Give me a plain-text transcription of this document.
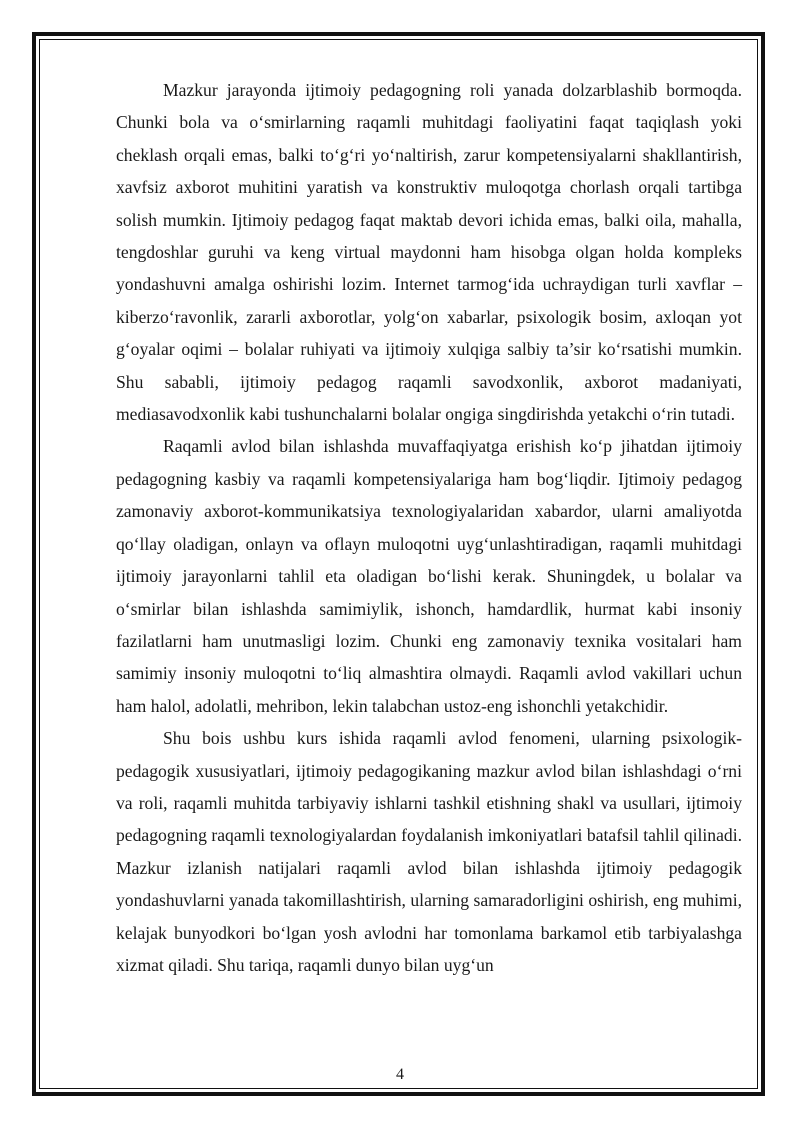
Mazkur jarayonda ijtimoiy pedagogning roli yanada dolzarblashib bormoqda. Chunki bola va o‘smirlarning raqamli muhitdagi faoliyatini faqat taqiqlash yoki cheklash orqali emas, balki to‘g‘ri yo‘naltirish, zarur kompetensiyalarni shakllantirish, xavfsiz axborot muhitini yaratish va konstruktiv muloqotga chorlash orqali tartibga solish mumkin. Ijtimoiy pedagog faqat maktab devori ichida emas, balki oila, mahalla, tengdoshlar guruhi va keng virtual maydonni ham hisobga olgan holda kompleks yondashuvni amalga oshirishi lozim. Internet tarmog‘ida uchraydigan turli xavflar – kiberzo‘ravonlik, zararli axborotlar, yolg‘on xabarlar, psixologik bosim, axloqan yot g‘oyalar oqimi – bolalar ruhiyati va ijtimoiy xulqiga salbiy ta’sir ko‘rsatishi mumkin. Shu sababli, ijtimoiy pedagog raqamli savodxonlik, axborot madaniyati, mediasavodxonlik kabi tushunchalarni bolalar ongiga singdirishda yetakchi o‘rin tutadi.

Raqamli avlod bilan ishlashda muvaffaqiyatga erishish ko‘p jihatdan ijtimoiy pedagogning kasbiy va raqamli kompetensiyalariga ham bog‘liqdir. Ijtimoiy pedagog zamonaviy axborot-kommunikatsiya texnologiyalaridan xabardor, ularni amaliyotda qo‘llay oladigan, onlayn va oflayn muloqotni uyg‘unlashtiradigan, raqamli muhitdagi ijtimoiy jarayonlarni tahlil eta oladigan bo‘lishi kerak. Shuningdek, u bolalar va o‘smirlar bilan ishlashda samimiylik, ishonch, hamdardlik, hurmat kabi insoniy fazilatlarni ham unutmasligi lozim. Chunki eng zamonaviy texnika vositalari ham samimiy insoniy muloqotni to‘liq almashtira olmaydi. Raqamli avlod vakillari uchun ham halol, adolatli, mehribon, lekin talabchan ustoz-eng ishonchli yetakchidir.

Shu bois ushbu kurs ishida raqamli avlod fenomeni, ularning psixologik-pedagogik xususiyatlari, ijtimoiy pedagogikaning mazkur avlod bilan ishlashdagi o‘rni va roli, raqamli muhitda tarbiyaviy ishlarni tashkil etishning shakl va usullari, ijtimoiy pedagogning raqamli texnologiyalardan foydalanish imkoniyatlari batafsil tahlil qilinadi. Mazkur izlanish natijalari raqamli avlod bilan ishlashda ijtimoiy pedagogik yondashuvlarni yanada takomillashtirish, ularning samaradorligini oshirish, eng muhimi, kelajak bunyodkori bo‘lgan yosh avlodni har tomonlama barkamol etib tarbiyalashga xizmat qiladi. Shu tariqa, raqamli dunyo bilan uyg‘un

4
